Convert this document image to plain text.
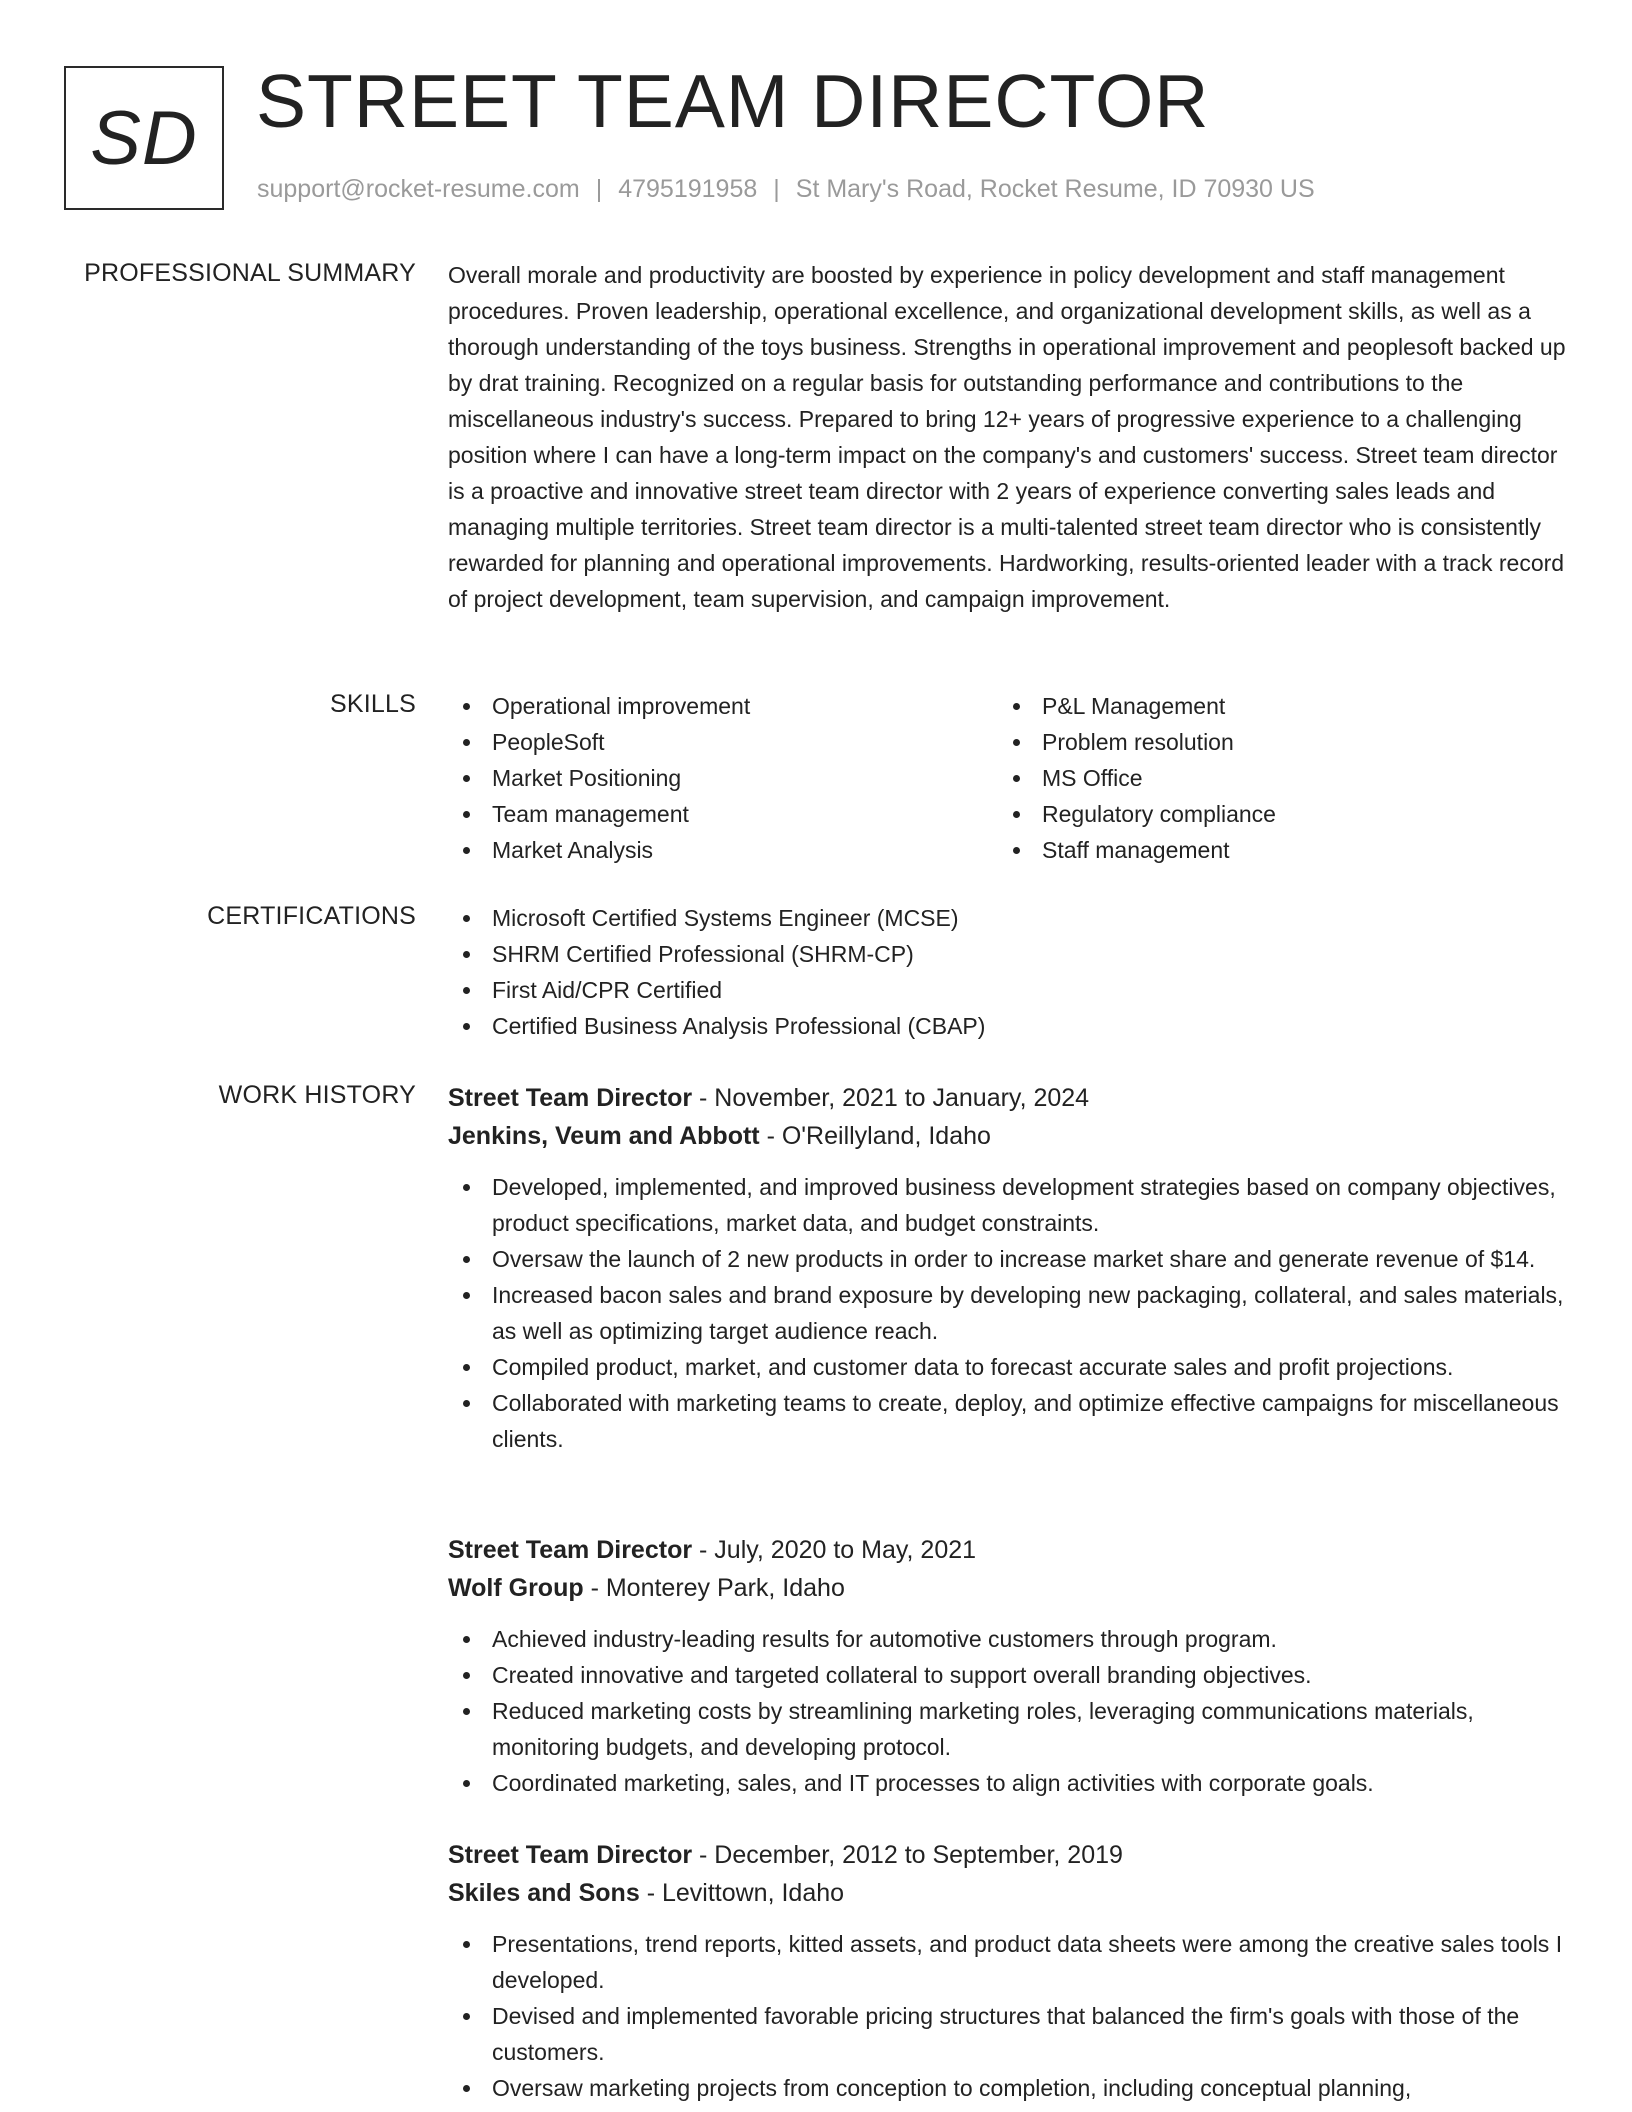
SD STREET TEAM DIRECTOR
support@rocket-resume.com | 4795191958 | St Mary's Road, Rocket Resume, ID 70930 US
PROFESSIONAL SUMMARY Overall morale and productivity are boosted by experience in policy development and staff management procedures. Proven leadership, operational excellence, and organizational development skills, as well as a thorough understanding of the toys business. Strengths in operational improvement and peoplesoft backed up by drat training. Recognized on a regular basis for outstanding performance and contributions to the miscellaneous industry's success. Prepared to bring 12+ years of progressive experience to a challenging position where I can have a long-term impact on the company's and customers' success. Street team director is a proactive and innovative street team director with 2 years of experience converting sales leads and managing multiple territories. Street team director is a multi-talented street team director who is consistently rewarded for planning and operational improvements. Hardworking, results-oriented leader with a track record of project development, team supervision, and campaign improvement.
SKILLS	Operational improvement
PeopleSoft
Market Positioning
Team management
Market Analysis
P&L Management
Problem resolution
MS Office
Regulatory compliance
Staff management
CERTIFICATIONS	Microsoft Certified Systems Engineer (MCSE)
SHRM Certified Professional (SHRM-CP)
First Aid/CPR Certified
Certified Business Analysis Professional (CBAP)
WORK HISTORY Street Team Director - November, 2021 to January, 2024
Jenkins, Veum and Abbott - O'Reillyland, Idaho
Developed, implemented, and improved business development strategies based on company objectives, product specifications, market data, and budget constraints.
Oversaw the launch of 2 new products in order to increase market share and generate revenue of $14.
Increased bacon sales and brand exposure by developing new packaging, collateral, and sales materials, as well as optimizing target audience reach.
Compiled product, market, and customer data to forecast accurate sales and profit projections.
Collaborated with marketing teams to create, deploy, and optimize effective campaigns for miscellaneous clients.
Street Team Director - July, 2020 to May, 2021
Wolf Group - Monterey Park, Idaho
Achieved industry-leading results for automotive customers through program.
Created innovative and targeted collateral to support overall branding objectives.
Reduced marketing costs by streamlining marketing roles, leveraging communications materials, monitoring budgets, and developing protocol.
Coordinated marketing, sales, and IT processes to align activities with corporate goals.
Street Team Director - December, 2012 to September, 2019
Skiles and Sons - Levittown, Idaho
Presentations, trend reports, kitted assets, and product data sheets were among the creative sales tools I developed.
Devised and implemented favorable pricing structures that balanced the firm's goals with those of the customers.
Oversaw marketing projects from conception to completion, including conceptual planning,
